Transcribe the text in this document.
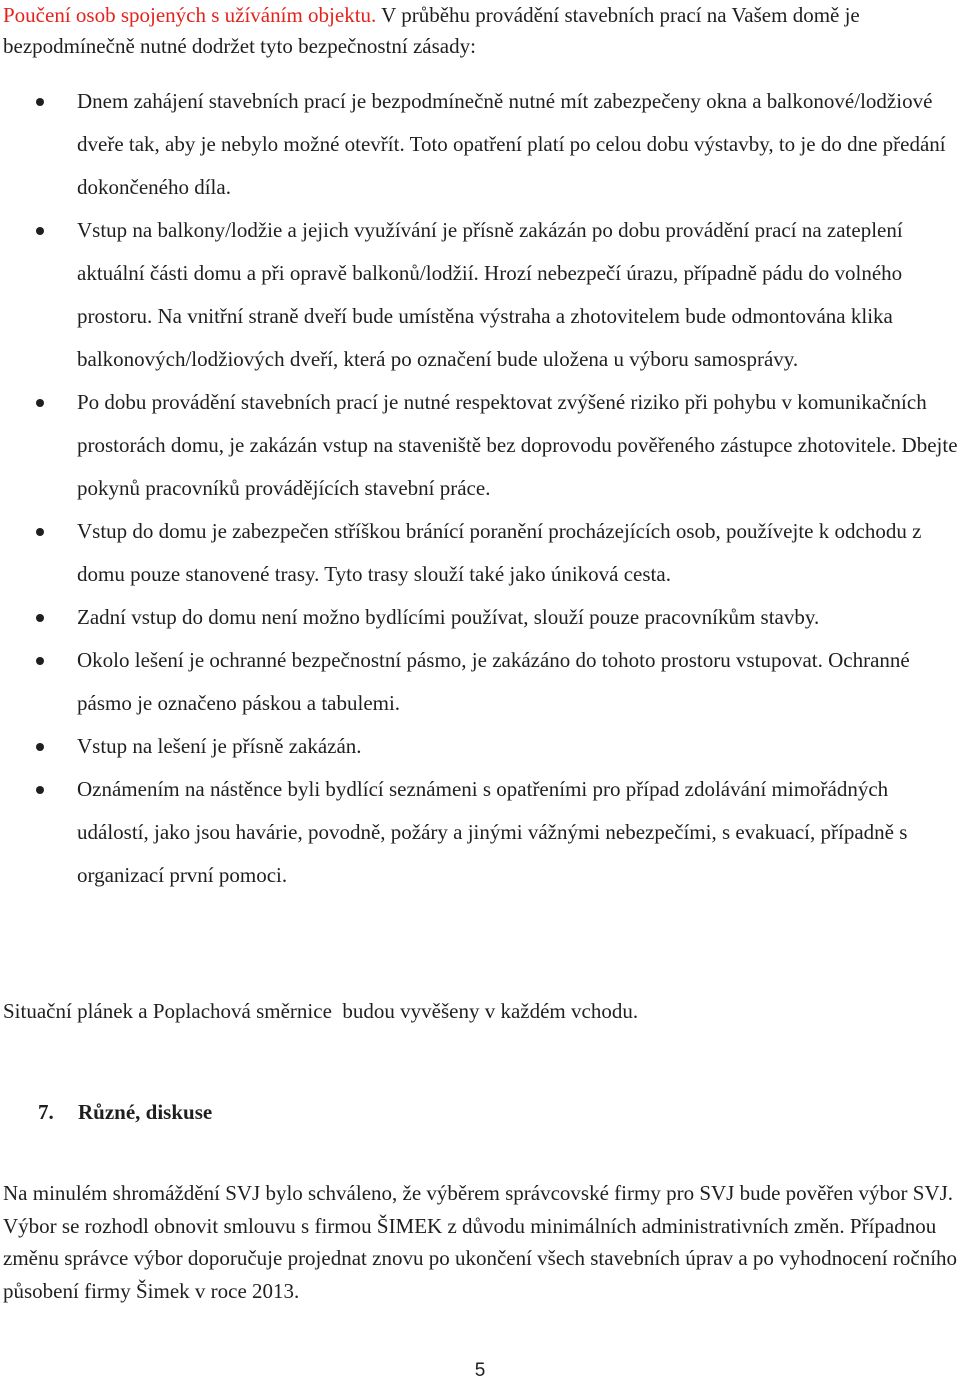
Poučení osob spojených s užíváním objektu. V průběhu provádění stavebních prací na Vašem domě je bezpodmínečně nutné dodržet tyto bezpečnostní zásady:
Dnem zahájení stavebních prací je bezpodmínečně nutné mít zabezpečeny okna a balkonové/lodžiové dveře tak, aby je nebylo možné otevřít. Toto opatření platí po celou dobu výstavby, to je do dne předání dokončeného díla.
Vstup na balkony/lodžie a jejich využívání je přísně zakázán po dobu provádění prací na zateplení aktuální části domu a při opravě balkonů/lodžií. Hrozí nebezpečí úrazu, případně pádu do volného prostoru. Na vnitřní straně dveří bude umístěna výstraha a zhotovitelem bude odmontována klika balkonových/lodžiových dveří, která po označení bude uložena u výboru samosprávy.
Po dobu provádění stavebních prací je nutné respektovat zvýšené riziko při pohybu v komunikačních prostorách domu, je zakázán vstup na staveniště bez doprovodu pověřeného zástupce zhotovitele. Dbejte pokynů pracovníků provádějících stavební práce.
Vstup do domu je zabezpečen stříškou bránící poranění procházejících osob, používejte k odchodu z domu pouze stanovené trasy. Tyto trasy slouží také jako úniková cesta.
Zadní vstup do domu není možno bydlícími používat, slouží pouze pracovníkům stavby.
Okolo lešení je ochranné bezpečnostní pásmo, je zakázáno do tohoto prostoru vstupovat. Ochranné pásmo je označeno páskou a tabulemi.
Vstup na lešení je přísně zakázán.
Oznámením na nástěnce byli bydlící seznámeni s opatřeními pro případ zdolávání mimořádných událostí, jako jsou havárie, povodně, požáry a jinými vážnými nebezpečími, s evakuací, případně s organizací první pomoci.
Situační plánek a Poplachová směrnice  budou vyvěšeny v každém vchodu.
7. Různé, diskuse
Na minulém shromáždění SVJ bylo schváleno, že výběrem správcovské firmy pro SVJ bude pověřen výbor SVJ. Výbor se rozhodl obnovit smlouvu s firmou ŠIMEK z důvodu minimálních administrativních změn. Případnou změnu správce výbor doporučuje projednat znovu po ukončení všech stavebních úprav a po vyhodnocení ročního působení firmy Šimek v roce 2013.
5
